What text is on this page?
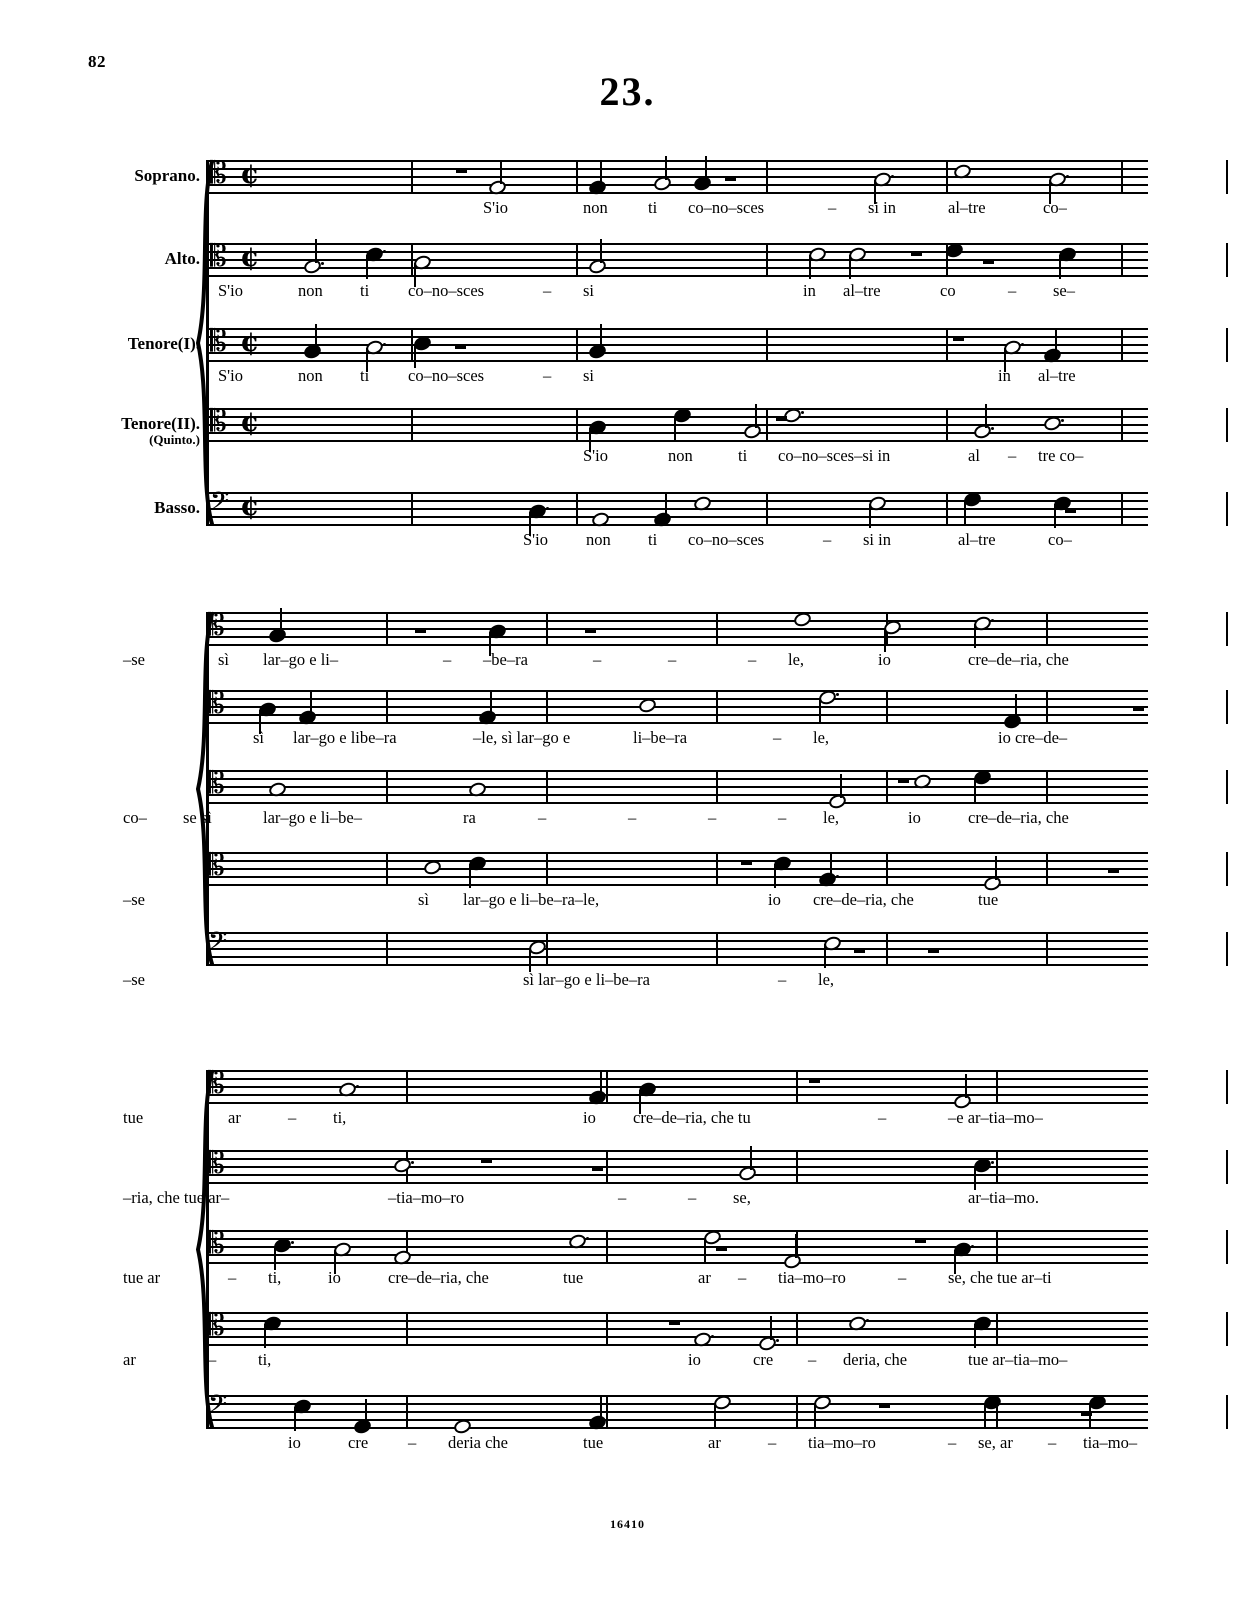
82
23.
Soprano.
Alto.
Tenore(I).
Tenore(II).
(Quinto.)
Basso.
𝄡 ¢
S'io	non ti co–no–sces	– si in	al–tre	co–
𝄡 ¢
S'io	non ti co–no–sces	– si	in al–tre	co	– se–
𝄡 ¢
S'io	non ti co–no–sces	– si	in al–tre
𝄡 ¢
S'io	non	ti co–no–sces–si in	al – tre co–
𝄢 ¢
S'io non ti co–no–sces	– si in	al–tre	co–
𝄡
–se	sì lar–go e li–	– –be–ra	–	–	– le,	io	cre–de–ria, che
𝄡
sì lar–go e libe–ra	–le, sì lar–go e	li–be–ra	– le,	io cre–de–
𝄡
co– se sì	lar–go e li–be–	ra	–	–	–	– le,	io	cre–de–ria, che
𝄡
–se	sì lar–go e li–be–ra–le,	io cre–de–ria, che	tue
𝄢
–se	sì lar–go e li–be–ra	– le,
𝄡
tue	ar	– ti,	io cre–de–ria, che tu	–	–e ar–tia–mo–
𝄡
–ria, che tue ar–	–tia–mo–ro	–	– se,	ar–tia–mo.
𝄡
tue ar	– ti,	io	cre–de–ria, che	tue	ar – tia–mo–ro	–	se, che tue ar–ti
𝄡
ar	–	ti,	io	cre – deria, che	tue ar–tia–mo–
𝄢
io	cre – deria che	tue	ar	– tia–mo–ro	– se, ar – tia–mo–
16410
